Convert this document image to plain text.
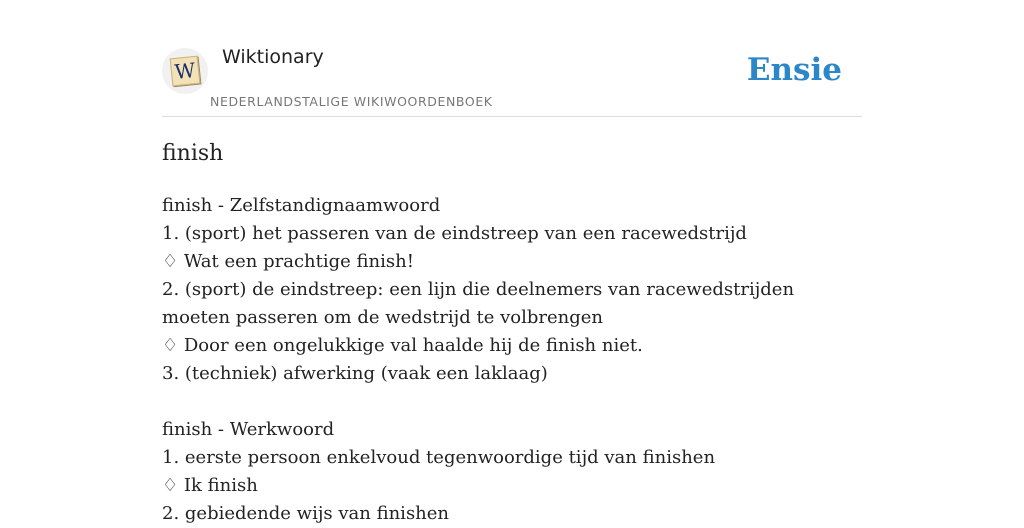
W
Wiktionary
NEDERLANDSTALIGE WIKIWOORDENBOEK
Ensie
finish
finish - Zelfstandignaamwoord
1. (sport) het passeren van de eindstreep van een racewedstrijd
♢ Wat een prachtige finish!
2. (sport) de eindstreep: een lijn die deelnemers van racewedstrijden moeten passeren om de wedstrijd te volbrengen
♢ Door een ongelukkige val haalde hij de finish niet.
3. (techniek) afwerking (vaak een laklaag)
finish - Werkwoord
1. eerste persoon enkelvoud tegenwoordige tijd van finishen
♢ Ik finish
2. gebiedende wijs van finishen
